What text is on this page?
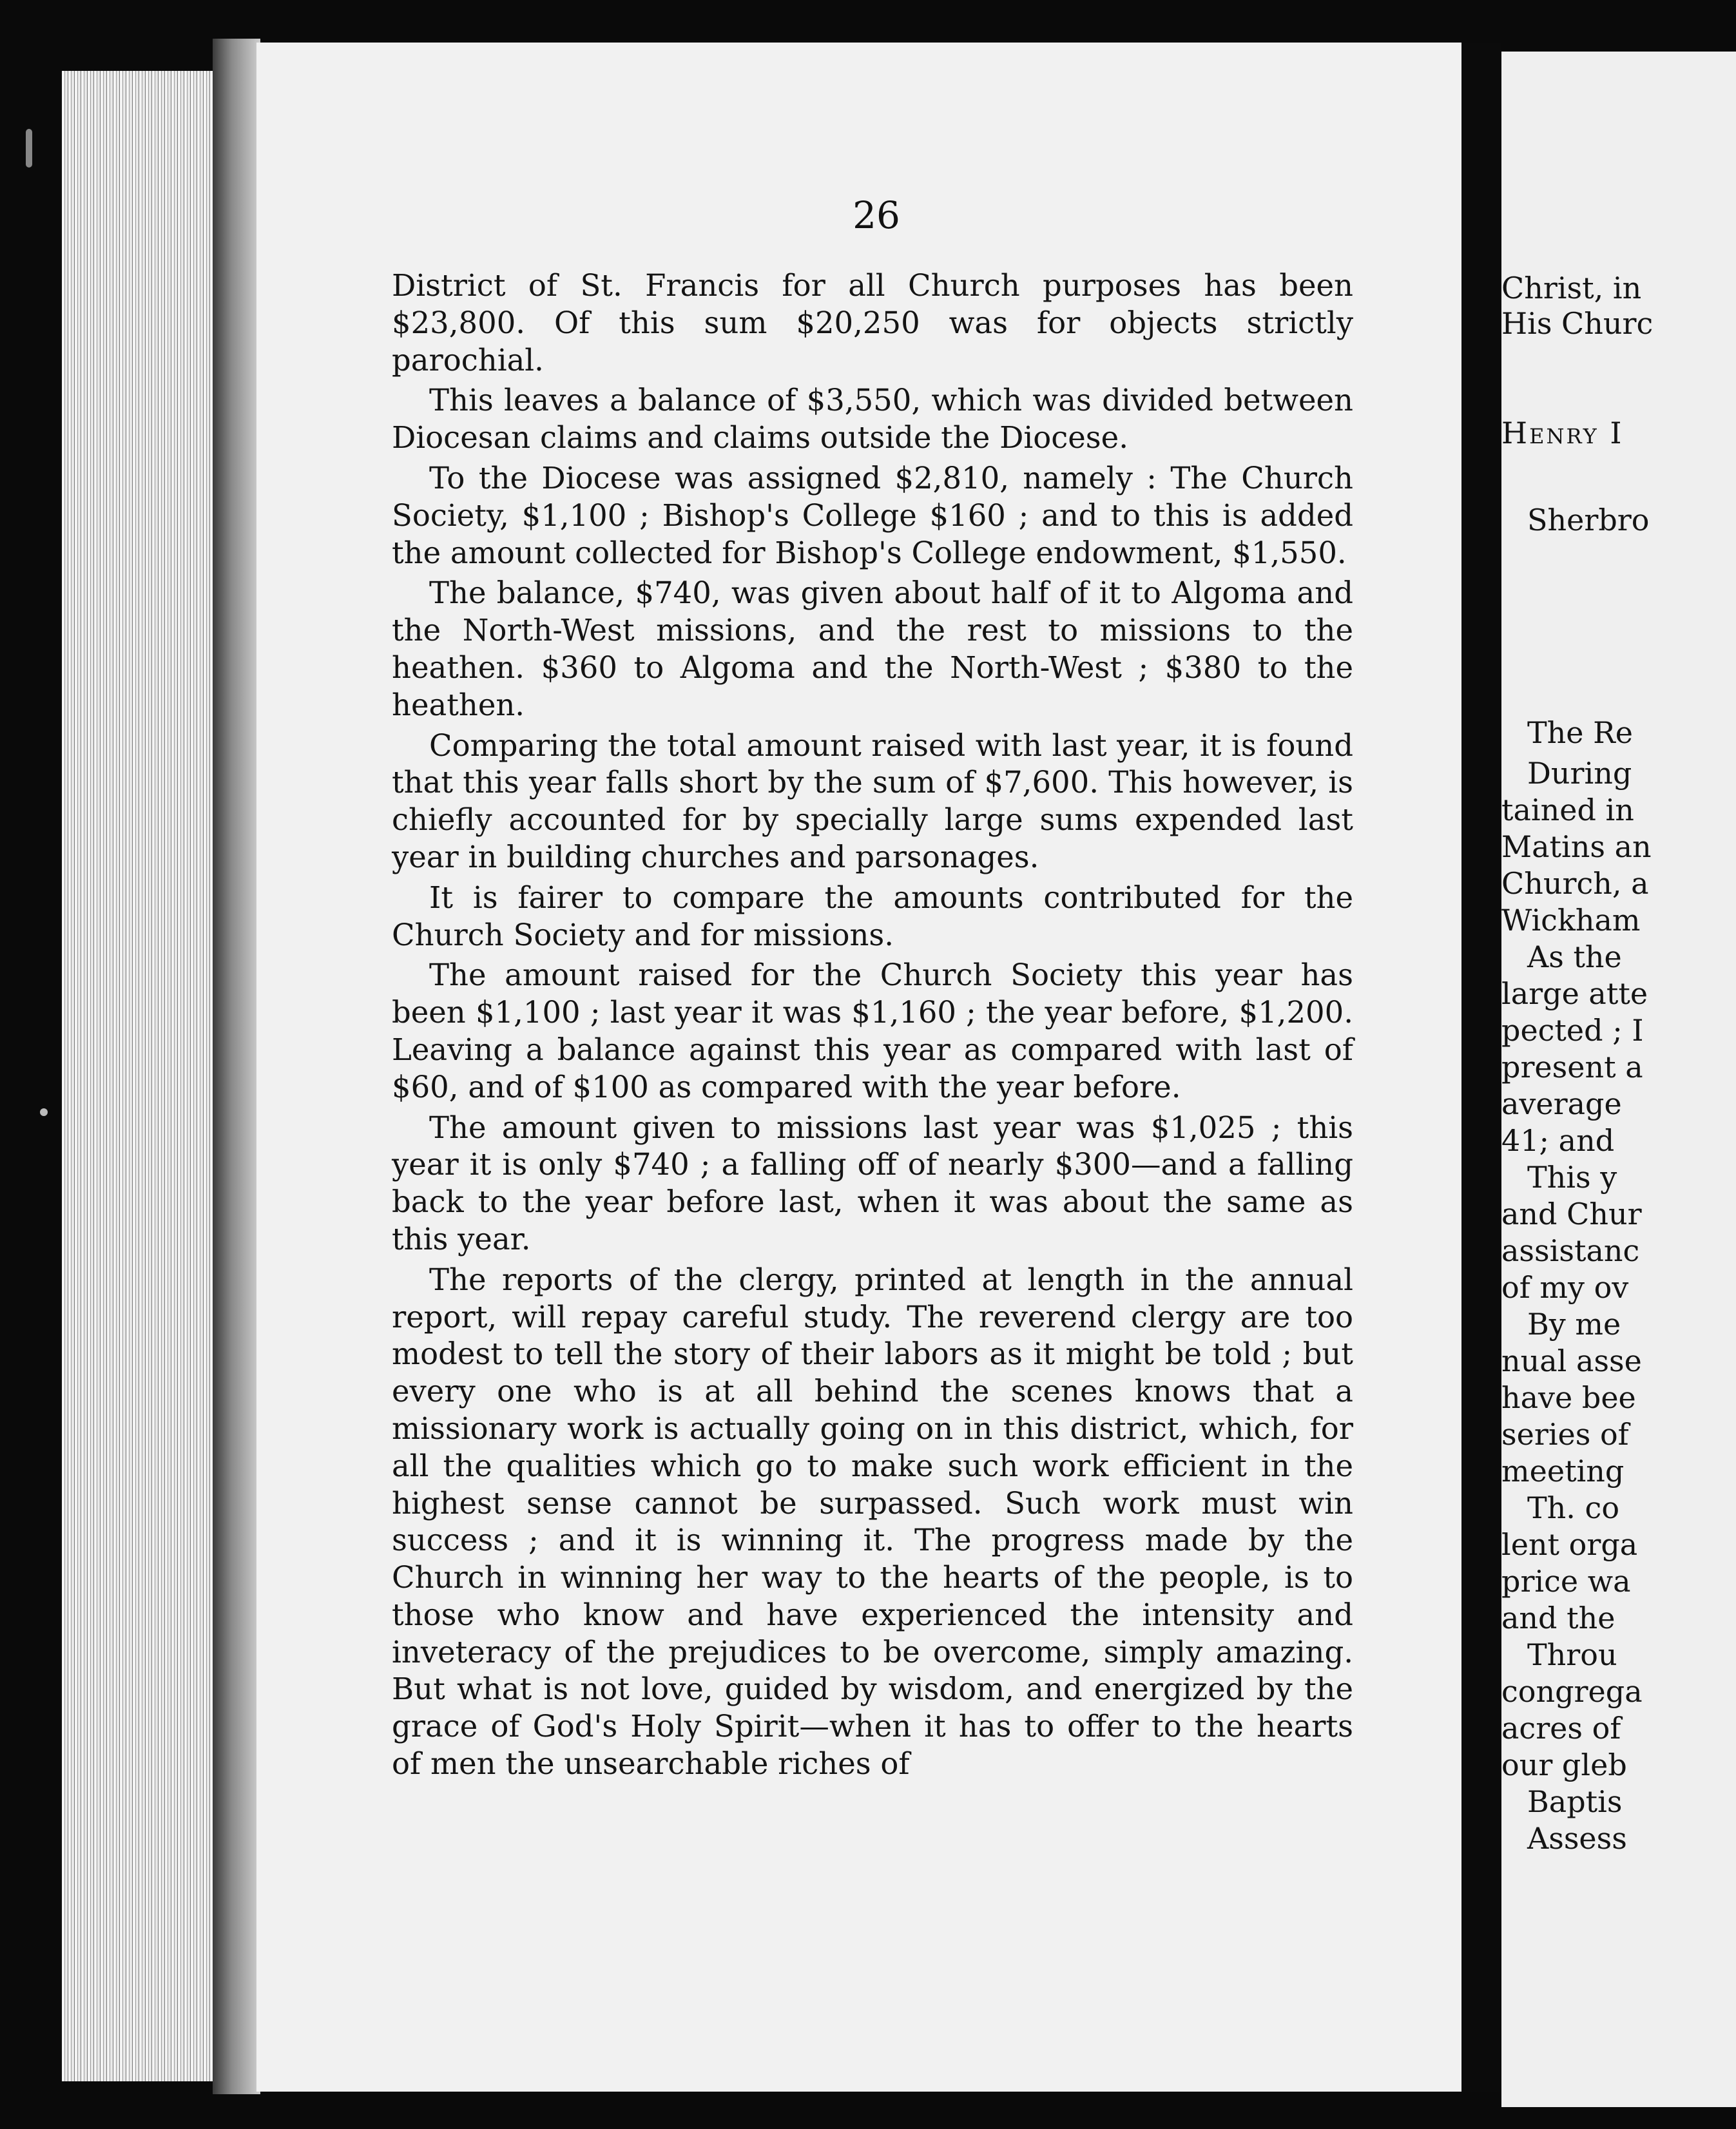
26

District of St. Francis for all Church purposes has been $23,800. Of this sum $20,250 was for objects strictly parochial.

This leaves a balance of $3,550, which was divided between Diocesan claims and claims outside the Diocese.

To the Diocese was assigned $2,810, namely : The Church Society, $1,100 ; Bishop's College $160 ; and to this is added the amount collected for Bishop's College endowment, $1,550.

The balance, $740, was given about half of it to Algoma and the North-West missions, and the rest to missions to the heathen. $360 to Algoma and the North-West ; $380 to the heathen.

Comparing the total amount raised with last year, it is found that this year falls short by the sum of $7,600. This however, is chiefly accounted for by specially large sums expended last year in building churches and parsonages.

It is fairer to compare the amounts contributed for the Church Society and for missions.

The amount raised for the Church Society this year has been $1,100 ; last year it was $1,160 ; the year before, $1,200. Leaving a balance against this year as compared with last of $60, and of $100 as compared with the year before.

The amount given to missions last year was $1,025 ; this year it is only $740 ; a falling off of nearly $300—and a falling back to the year before last, when it was about the same as this year.

The reports of the clergy, printed at length in the annual report, will repay careful study. The reverend clergy are too modest to tell the story of their labors as it might be told ; but every one who is at all behind the scenes knows that a missionary work is actually going on in this district, which, for all the qualities which go to make such work efficient in the highest sense cannot be surpassed. Such work must win success ; and it is winning it. The progress made by the Church in winning her way to the hearts of the people, is to those who know and have experienced the intensity and inveteracy of the prejudices to be overcome, simply amazing. But what is not love, guided by wisdom, and energized by the grace of God's Holy Spirit—when it has to offer to the hearts of men the unsearchable riches of

Christ, in
His Churc
Henry I
Sherbro
The Re
During
tained in
Matins an
Church, a
Wickham
As the
large atte
pected ; I
present a
average
41; and
This y
and Chur
assistanc
of my ov
By me
nual asse
have bee
series of
meeting
Th. co
lent orga
price wa
and the
Throu
congrega
acres of
our gleb
Baptis
Assess
